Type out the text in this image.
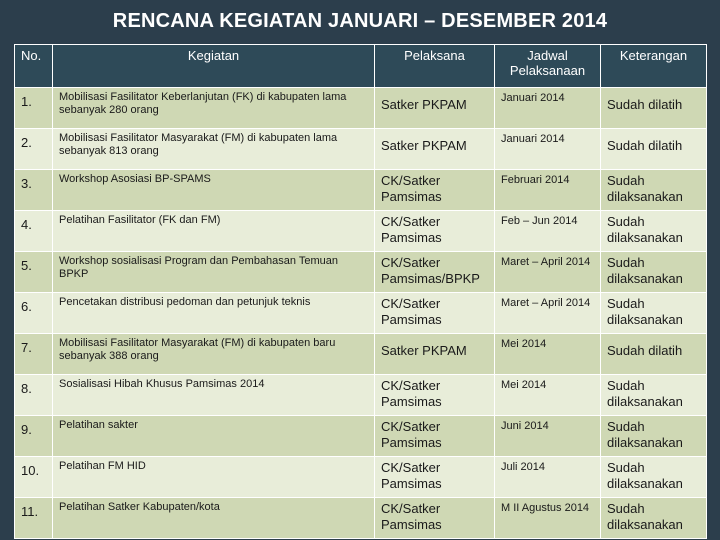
RENCANA KEGIATAN JANUARI – DESEMBER 2014
No.	Kegiatan	Pelaksana	Jadwal Pelaksanaan	Keterangan
1.	Mobilisasi Fasilitator Keberlanjutan (FK) di kabupaten lama sebanyak 280 orang	Satker PKPAM	Januari 2014	Sudah dilatih
2.	Mobilisasi Fasilitator Masyarakat (FM) di kabupaten lama sebanyak 813 orang	Satker PKPAM	Januari 2014	Sudah dilatih
3.	Workshop Asosiasi BP-SPAMS	CK/Satker Pamsimas	Februari 2014	Sudah dilaksanakan
4.	Pelatihan Fasilitator (FK dan FM)	CK/Satker Pamsimas	Feb – Jun 2014	Sudah dilaksanakan
5.	Workshop sosialisasi Program dan Pembahasan Temuan BPKP	CK/Satker Pamsimas/BPKP	Maret – April 2014	Sudah dilaksanakan
6.	Pencetakan distribusi pedoman dan petunjuk teknis	CK/Satker Pamsimas	Maret – April 2014	Sudah dilaksanakan
7.	Mobilisasi Fasilitator Masyarakat (FM) di kabupaten baru sebanyak 388 orang	Satker PKPAM	Mei 2014	Sudah dilatih
8.	Sosialisasi Hibah Khusus Pamsimas 2014	CK/Satker Pamsimas	Mei 2014	Sudah dilaksanakan
9.	Pelatihan sakter	CK/Satker Pamsimas	Juni 2014	Sudah dilaksanakan
10.	Pelatihan FM HID	CK/Satker Pamsimas	Juli 2014	Sudah dilaksanakan
11.	Pelatihan Satker Kabupaten/kota	CK/Satker Pamsimas	M II Agustus 2014	Sudah dilaksanakan
